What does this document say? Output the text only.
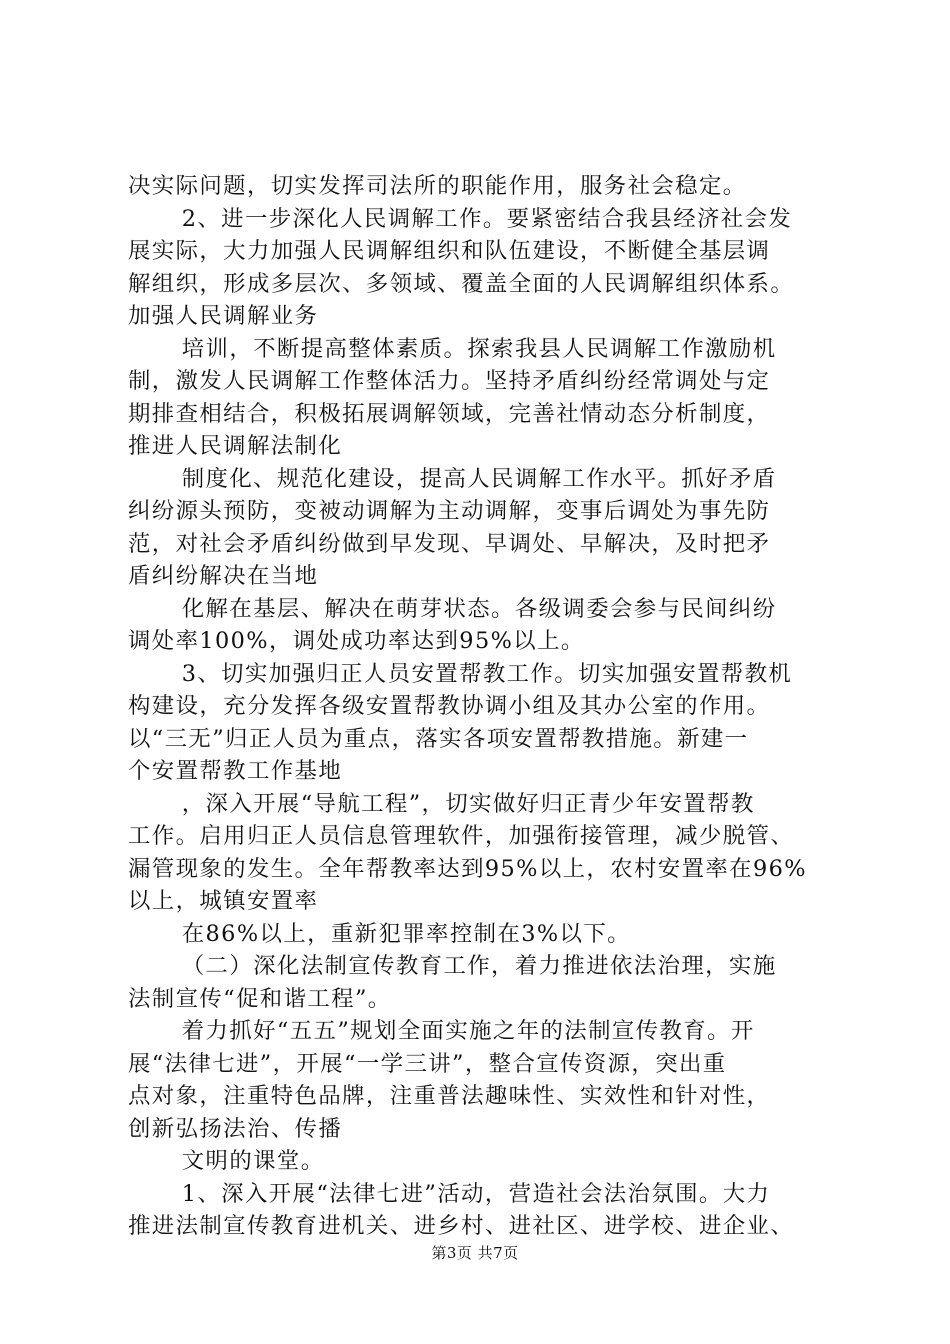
决实际问题，切实发挥司法所的职能作用，服务社会稳定。

2、进一步深化人民调解工作。要紧密结合我县经济社会发

展实际，大力加强人民调解组织和队伍建设，不断健全基层调

解组织，形成多层次、多领域、覆盖全面的人民调解组织体系。

加强人民调解业务

培训，不断提高整体素质。探索我县人民调解工作激励机

制，激发人民调解工作整体活力。坚持矛盾纠纷经常调处与定

期排查相结合，积极拓展调解领域，完善社情动态分析制度，

推进人民调解法制化

制度化、规范化建设，提高人民调解工作水平。抓好矛盾

纠纷源头预防，变被动调解为主动调解，变事后调处为事先防

范，对社会矛盾纠纷做到早发现、早调处、早解决，及时把矛

盾纠纷解决在当地

化解在基层、解决在萌芽状态。各级调委会参与民间纠纷

调处率100%，调处成功率达到95%以上。

3、切实加强归正人员安置帮教工作。切实加强安置帮教机

构建设，充分发挥各级安置帮教协调小组及其办公室的作用。

以“三无”归正人员为重点，落实各项安置帮教措施。新建一

个安置帮教工作基地

，深入开展“导航工程”，切实做好归正青少年安置帮教

工作。启用归正人员信息管理软件，加强衔接管理，减少脱管、

漏管现象的发生。全年帮教率达到95%以上，农村安置率在96%

以上，城镇安置率

在86%以上，重新犯罪率控制在3%以下。

（二）深化法制宣传教育工作，着力推进依法治理，实施

法制宣传“促和谐工程”。

着力抓好“五五”规划全面实施之年的法制宣传教育。开

展“法律七进”，开展“一学三讲”，整合宣传资源，突出重

点对象，注重特色品牌，注重普法趣味性、实效性和针对性，

创新弘扬法治、传播

文明的课堂。

1、深入开展“法律七进”活动，营造社会法治氛围。大力

推进法制宣传教育进机关、进乡村、进社区、进学校、进企业、

第3页 共7页
